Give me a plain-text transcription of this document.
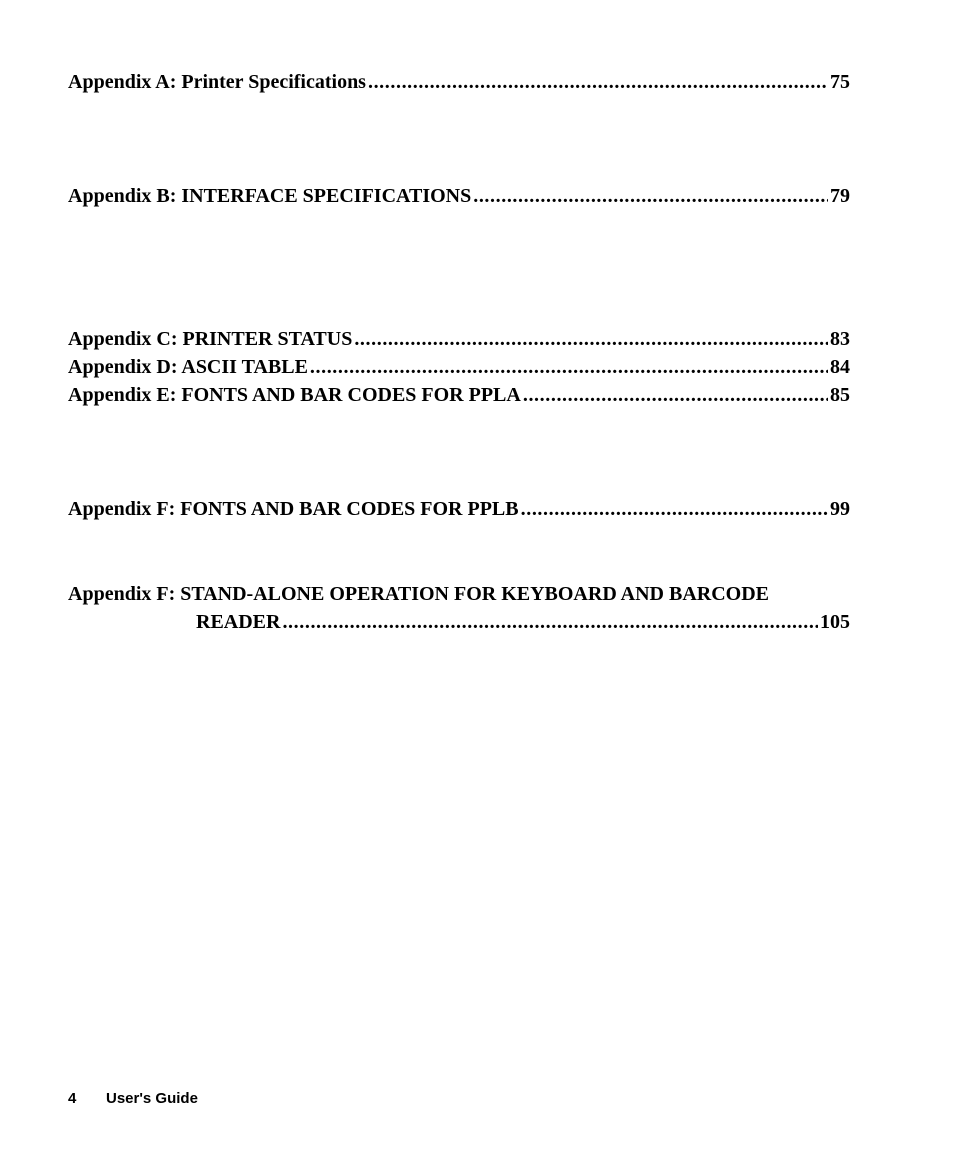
Appendix A: Printer Specifications . . .	75
Appendix B: INTERFACE SPECIFICATIONS . . .	79
Appendix C: PRINTER STATUS . . .	83
Appendix D: ASCII TABLE . . .	84
Appendix E: FONTS AND BAR CODES FOR PPLA . . .	85
Appendix F: FONTS AND BAR CODES FOR PPLB . . .	99
Appendix F: STAND-ALONE OPERATION FOR KEYBOARD AND BARCODE
READER . . .	105
4 User's Guide
